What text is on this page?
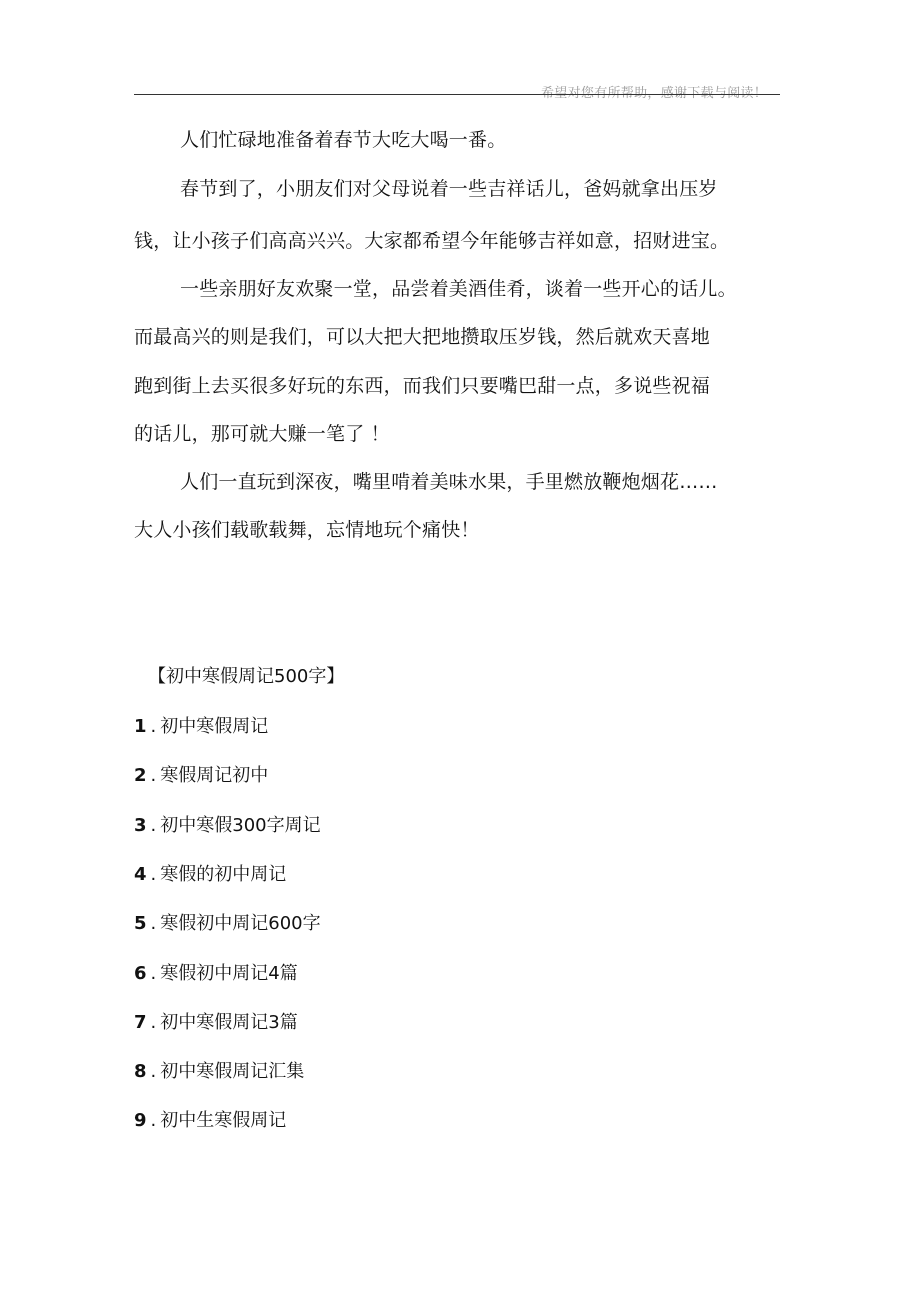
希望对您有所帮助，感谢下载与阅读！
人们忙碌地准备着春节大吃大喝一番。
春节到了，小朋友们对父母说着一些吉祥话儿，爸妈就拿出压岁
钱，让小孩子们高高兴兴。大家都希望今年能够吉祥如意，招财进宝。
一些亲朋好友欢聚一堂，品尝着美酒佳肴，谈着一些开心的话儿。
而最高兴的则是我们，可以大把大把地攒取压岁钱，然后就欢天喜地
跑到街上去买很多好玩的东西，而我们只要嘴巴甜一点，多说些祝福
的话儿，那可就大赚一笔了 ！
人们一直玩到深夜，嘴里啃着美味水果，手里燃放鞭炮烟花……
大人小孩们载歌载舞，忘情地玩个痛快！
【初中寒假周记500字】
1 . 初中寒假周记
2 . 寒假周记初中
3 . 初中寒假300字周记
4 . 寒假的初中周记
5 . 寒假初中周记600字
6 . 寒假初中周记4篇
7 . 初中寒假周记3篇
8 . 初中寒假周记汇集
9 . 初中生寒假周记
